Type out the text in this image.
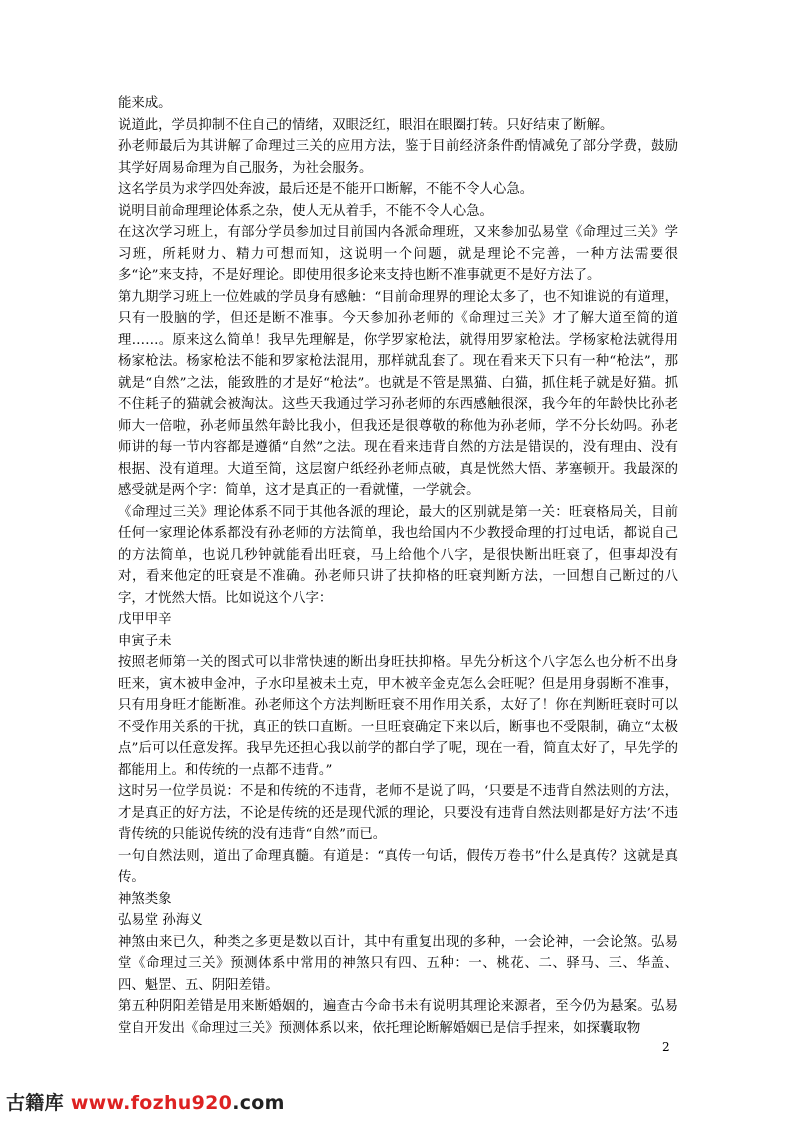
能来成。

说道此，学员抑制不住自己的情绪，双眼泛红，眼泪在眼圈打转。只好结束了断解。

孙老师最后为其讲解了命理过三关的应用方法，鉴于目前经济条件酌情减免了部分学费，鼓励其学好周易命理为自己服务，为社会服务。

这名学员为求学四处奔波，最后还是不能开口断解，不能不令人心急。

说明目前命理理论体系之杂，使人无从着手，不能不令人心急。

在这次学习班上，有部分学员参加过目前国内各派命理班，又来参加弘易堂《命理过三关》学习班，所耗财力、精力可想而知，这说明一个问题，就是理论不完善，一种方法需要很多“论”来支持，不是好理论。即使用很多论来支持也断不准事就更不是好方法了。

第九期学习班上一位姓戚的学员身有感触：“目前命理界的理论太多了，也不知谁说的有道理，只有一股脑的学，但还是断不准事。今天参加孙老师的《命理过三关》才了解大道至简的道理……。原来这么简单！我早先理解是，你学罗家枪法，就得用罗家枪法。学杨家枪法就得用杨家枪法。杨家枪法不能和罗家枪法混用，那样就乱套了。现在看来天下只有一种“枪法”，那就是“自然”之法，能致胜的才是好“枪法”。也就是不管是黑猫、白猫，抓住耗子就是好猫。抓不住耗子的猫就会被淘汰。这些天我通过学习孙老师的东西感触很深，我今年的年龄快比孙老师大一倍啦，孙老师虽然年龄比我小，但我还是很尊敬的称他为孙老师，学不分长幼吗。孙老师讲的每一节内容都是遵循“自然”之法。现在看来违背自然的方法是错误的，没有理由、没有根据、没有道理。大道至简，这层窗户纸经孙老师点破，真是恍然大悟、茅塞顿开。我最深的感受就是两个字：简单，这才是真正的一看就懂，一学就会。

《命理过三关》理论体系不同于其他各派的理论，最大的区别就是第一关：旺衰格局关，目前任何一家理论体系都没有孙老师的方法简单，我也给国内不少教授命理的打过电话，都说自己的方法简单，也说几秒钟就能看出旺衰，马上给他个八字，是很快断出旺衰了，但事却没有对，看来他定的旺衰是不准确。孙老师只讲了扶抑格的旺衰判断方法，一回想自己断过的八字，才恍然大悟。比如说这个八字：

戊甲甲辛

申寅子未

按照老师第一关的图式可以非常快速的断出身旺扶抑格。早先分析这个八字怎么也分析不出身旺来，寅木被申金冲，子水印星被未土克，甲木被辛金克怎么会旺呢？但是用身弱断不准事，只有用身旺才能断准。孙老师这个方法判断旺衰不用作用关系，太好了！你在判断旺衰时可以不受作用关系的干扰，真正的铁口直断。一旦旺衰确定下来以后，断事也不受限制，确立“太极点”后可以任意发挥。我早先还担心我以前学的都白学了呢，现在一看，简直太好了，早先学的都能用上。和传统的一点都不违背。”

这时另一位学员说：不是和传统的不违背，老师不是说了吗，‘只要是不违背自然法则的方法，才是真正的好方法，不论是传统的还是现代派的理论，只要没有违背自然法则都是好方法’不违背传统的只能说传统的没有违背“自然”而已。

一句自然法则，道出了命理真髓。有道是：“真传一句话，假传万卷书”什么是真传？这就是真传。

神煞类象

弘易堂 孙海义

神煞由来已久，种类之多更是数以百计，其中有重复出现的多种，一会论神，一会论煞。弘易堂《命理过三关》预测体系中常用的神煞只有四、五种：一、桃花、二、驿马、三、华盖、四、魁罡、五、阴阳差错。

第五种阴阳差错是用来断婚姻的，遍查古今命书未有说明其理论来源者，至今仍为悬案。弘易堂自开发出《命理过三关》预测体系以来，依托理论断解婚姻已是信手捏来，如探囊取物

2
古籍库 www.fozhu920.com
